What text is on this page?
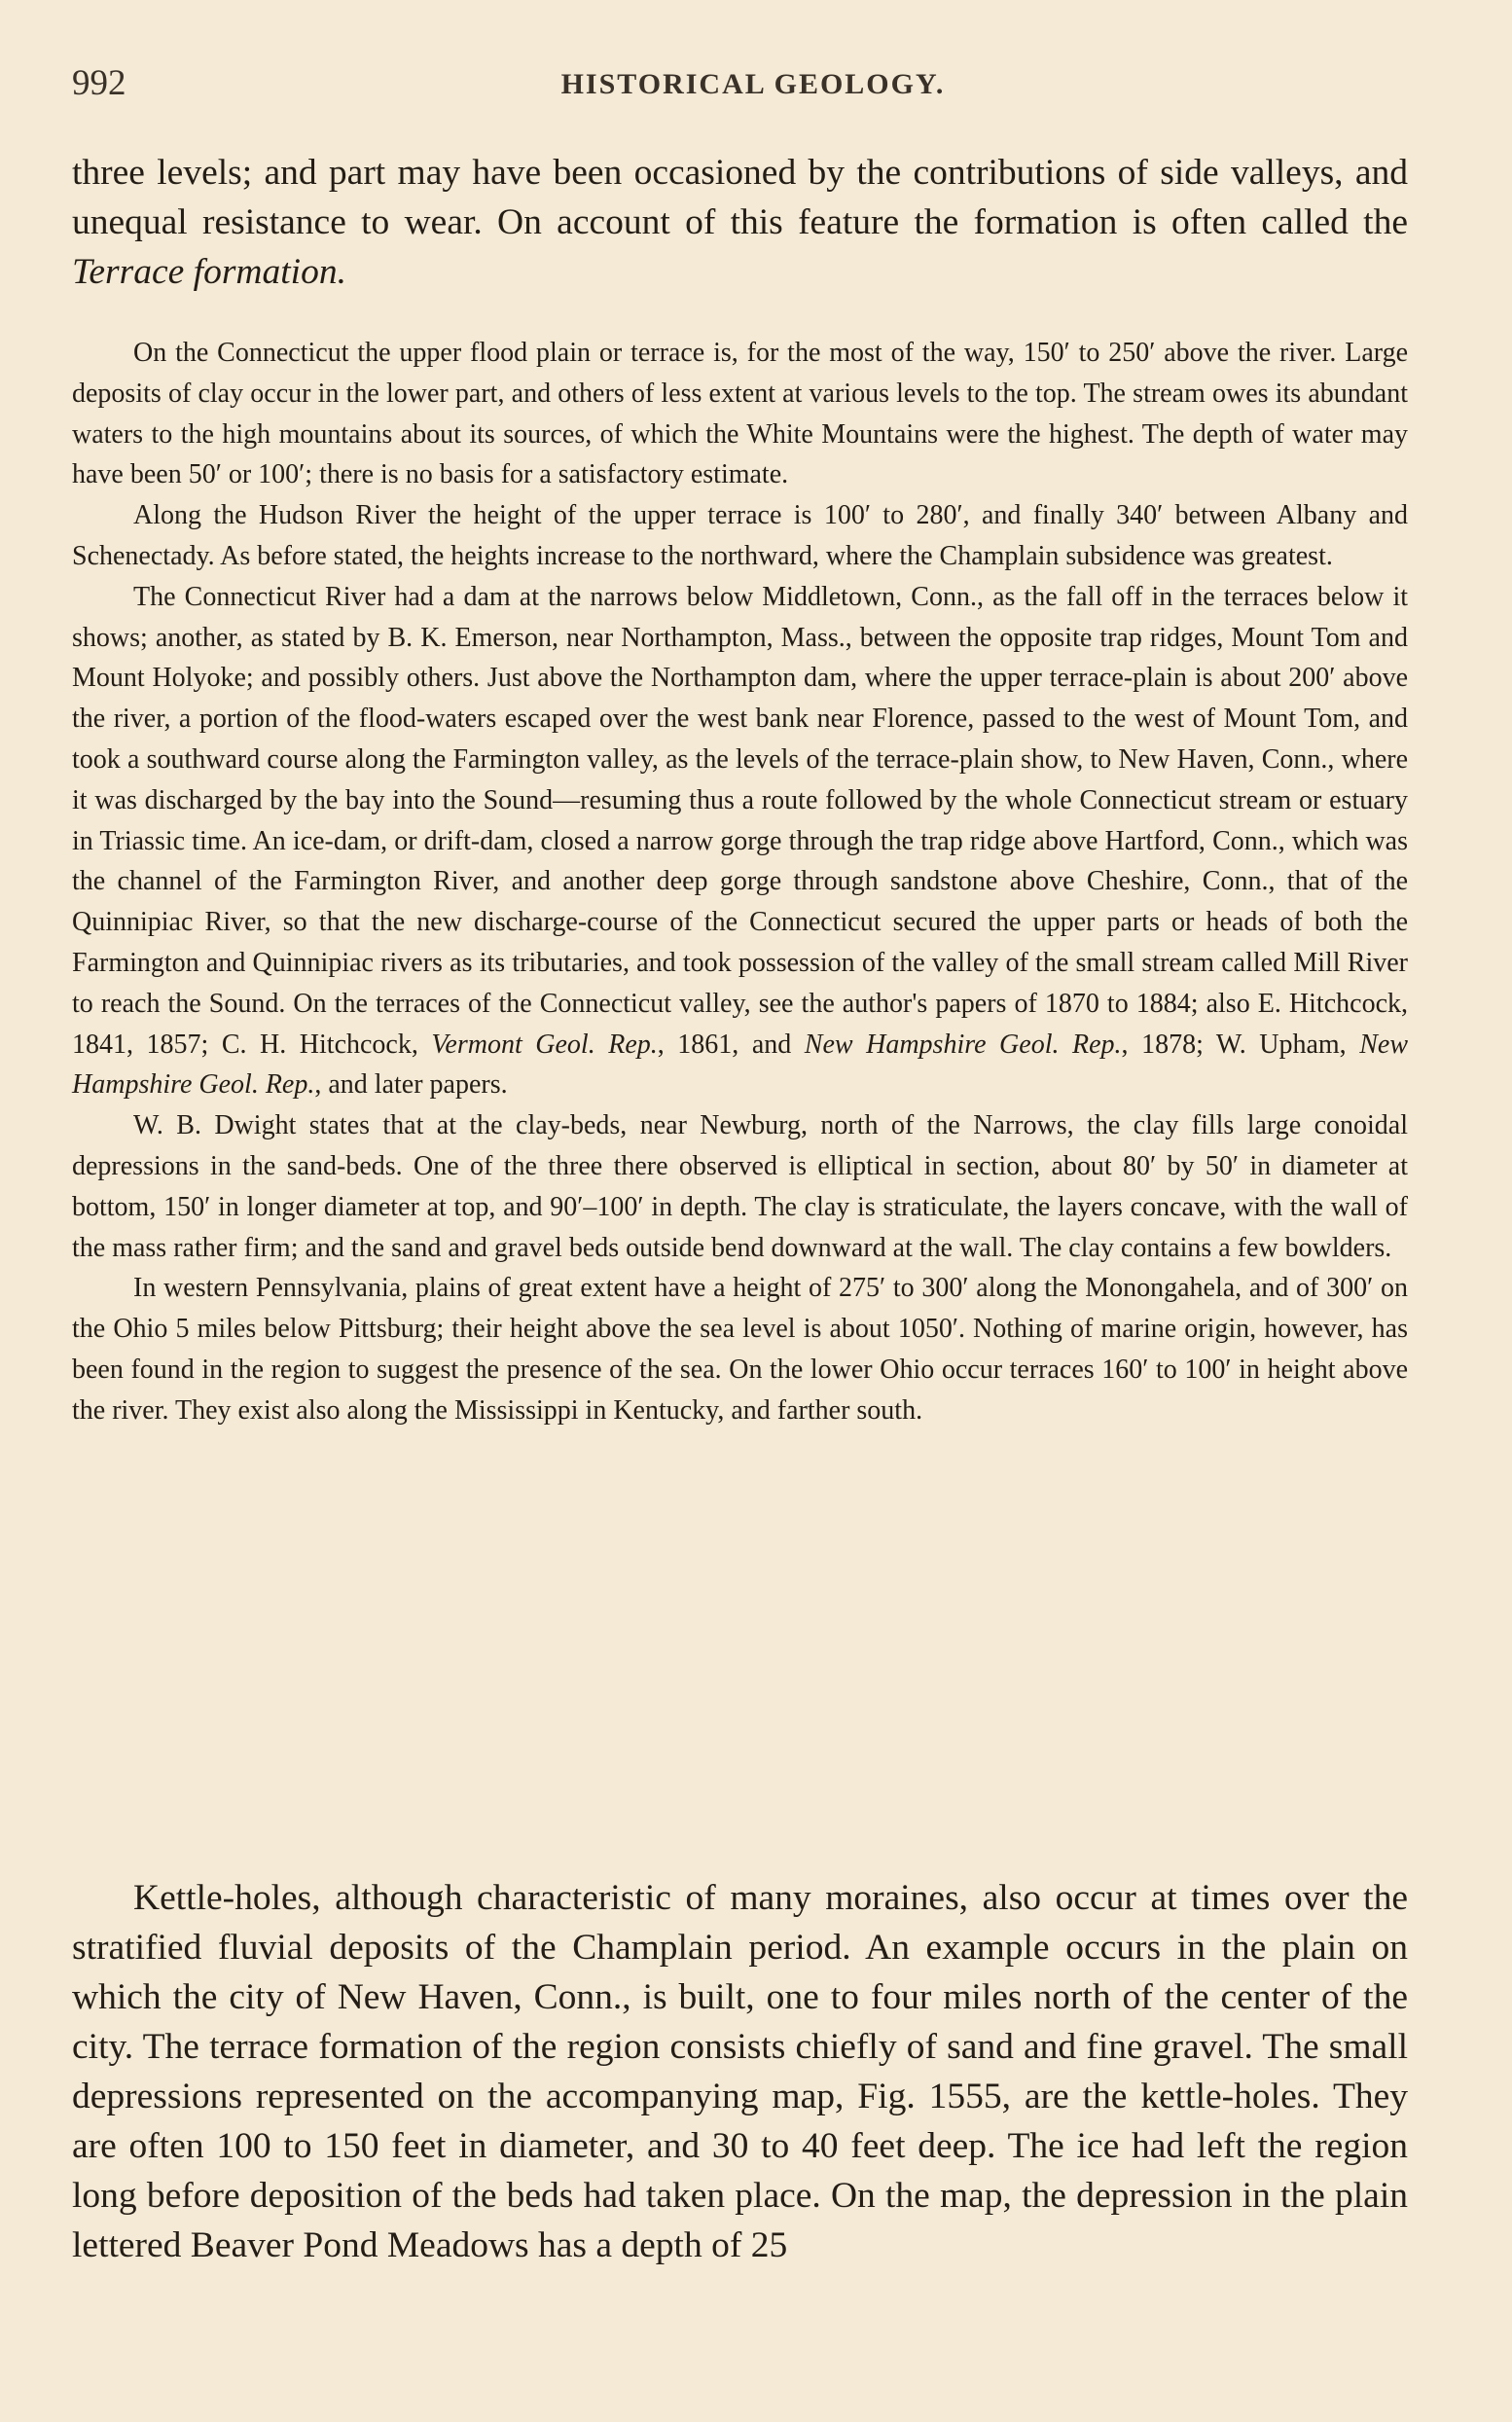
992	HISTORICAL GEOLOGY.

three levels; and part may have been occasioned by the contributions of side valleys, and unequal resistance to wear. On account of this feature the formation is often called the Terrace formation.

On the Connecticut the upper flood plain or terrace is, for the most of the way, 150′ to 250′ above the river. Large deposits of clay occur in the lower part, and others of less extent at various levels to the top. The stream owes its abundant waters to the high mountains about its sources, of which the White Mountains were the highest. The depth of water may have been 50′ or 100′; there is no basis for a satisfactory estimate.

Along the Hudson River the height of the upper terrace is 100′ to 280′, and finally 340′ between Albany and Schenectady. As before stated, the heights increase to the northward, where the Champlain subsidence was greatest.

The Connecticut River had a dam at the narrows below Middletown, Conn., as the fall off in the terraces below it shows; another, as stated by B. K. Emerson, near Northampton, Mass., between the opposite trap ridges, Mount Tom and Mount Holyoke; and possibly others. Just above the Northampton dam, where the upper terrace-plain is about 200′ above the river, a portion of the flood-waters escaped over the west bank near Florence, passed to the west of Mount Tom, and took a southward course along the Farmington valley, as the levels of the terrace-plain show, to New Haven, Conn., where it was discharged by the bay into the Sound—resuming thus a route followed by the whole Connecticut stream or estuary in Triassic time. An ice-dam, or drift-dam, closed a narrow gorge through the trap ridge above Hartford, Conn., which was the channel of the Farmington River, and another deep gorge through sandstone above Cheshire, Conn., that of the Quinnipiac River, so that the new discharge-course of the Connecticut secured the upper parts or heads of both the Farmington and Quinnipiac rivers as its tributaries, and took possession of the valley of the small stream called Mill River to reach the Sound. On the terraces of the Connecticut valley, see the author's papers of 1870 to 1884; also E. Hitchcock, 1841, 1857; C. H. Hitchcock, Vermont Geol. Rep., 1861, and New Hampshire Geol. Rep., 1878; W. Upham, New Hampshire Geol. Rep., and later papers.

W. B. Dwight states that at the clay-beds, near Newburg, north of the Narrows, the clay fills large conoidal depressions in the sand-beds. One of the three there observed is elliptical in section, about 80′ by 50′ in diameter at bottom, 150′ in longer diameter at top, and 90′–100′ in depth. The clay is straticulate, the layers concave, with the wall of the mass rather firm; and the sand and gravel beds outside bend downward at the wall. The clay contains a few bowlders.

In western Pennsylvania, plains of great extent have a height of 275′ to 300′ along the Monongahela, and of 300′ on the Ohio 5 miles below Pittsburg; their height above the sea level is about 1050′. Nothing of marine origin, however, has been found in the region to suggest the presence of the sea. On the lower Ohio occur terraces 160′ to 100′ in height above the river. They exist also along the Mississippi in Kentucky, and farther south.

Kettle-holes, although characteristic of many moraines, also occur at times over the stratified fluvial deposits of the Champlain period. An example occurs in the plain on which the city of New Haven, Conn., is built, one to four miles north of the center of the city. The terrace formation of the region consists chiefly of sand and fine gravel. The small depressions represented on the accompanying map, Fig. 1555, are the kettle-holes. They are often 100 to 150 feet in diameter, and 30 to 40 feet deep. The ice had left the region long before deposition of the beds had taken place. On the map, the depression in the plain lettered Beaver Pond Meadows has a depth of 25
